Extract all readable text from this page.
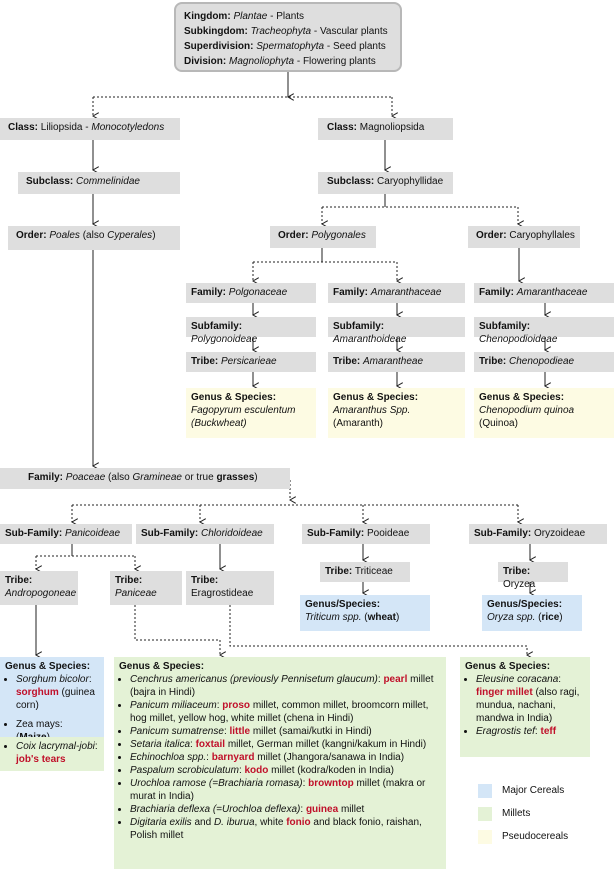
Kingdom: Plantae - Plants
Subkingdom: Tracheophyta - Vascular plants
Superdivision: Spermatophyta - Seed plants
Division: Magnoliophyta - Flowering plants
Class: Liliopsida - Monocotyledons
Subclass: Commelinidae
Order: Poales (also Cyperales)
Class: Magnoliopsida
Subclass: Caryophyllidae
Order: Polygonales	Order: Caryophyllales
Family: Polgonaceae
Subfamily: Polygonoideae
Tribe: Persicarieae
Genus & Species:
Fagopyrum esculentum
(Buckwheat)
Family: Amaranthaceae
Subfamily: Amaranthoideae
Tribe: Amarantheae
Genus & Species:
Amaranthus Spp.
(Amaranth)
Family: Amaranthaceae
Subfamily: Chenopodioideae
Tribe: Chenopodieae
Genus & Species:
Chenopodium quinoa
(Quinoa)
Family: Poaceae (also Gramineae or true grasses)
Sub-Family: Panicoideae	Sub-Family: Chloridoideae	Sub-Family: Pooideae	Sub-Family: Oryzoideae
Tribe:
Andropogoneae
Tribe:
Paniceae
Tribe:
Eragrostideae
Tribe: Triticeae	Tribe: Oryzea
Genus/Species:
Triticum spp. (wheat)
Genus/Species:
Oryza spp. (rice)
Genus & Species:
• Sorghum bicolor: sorghum (guinea corn)
• Zea mays:
• Coix lacrymal-jobi:
job's tears
Genus & Species:
• Cenchrus americanus (previously Pennisetum glaucum): pearl millet (bajra in Hindi)
• Panicum miliaceum: proso millet, common millet, broomcorn millet, hog millet, yellow hog, white millet (chena in Hindi)
• Panicum sumatrense: little millet (samai/kutki in Hindi)
• Setaria italica: foxtail millet, German millet (kangni/kakum in Hindi)
• Echinochloa spp.: barnyard millet (Jhangora/sanawa in India)
• Paspalum scrobiculatum: kodo millet (kodra/koden in India)
• Urochloa ramose (=Brachiaria romasa): browntop millet (makra or murat in India)
• Brachiaria deflexa (=Urochloa deflexa): guinea millet
• Digitaria exilis and D. iburua, white fonio and black fonio, raishan, Polish millet
Genus & Species:
• Eleusine coracana: finger millet (also ragi, mundua, nachani, mandwa in India)
• Eragrostis tef: teff
Major Cereals
Millets
Pseudocereals
